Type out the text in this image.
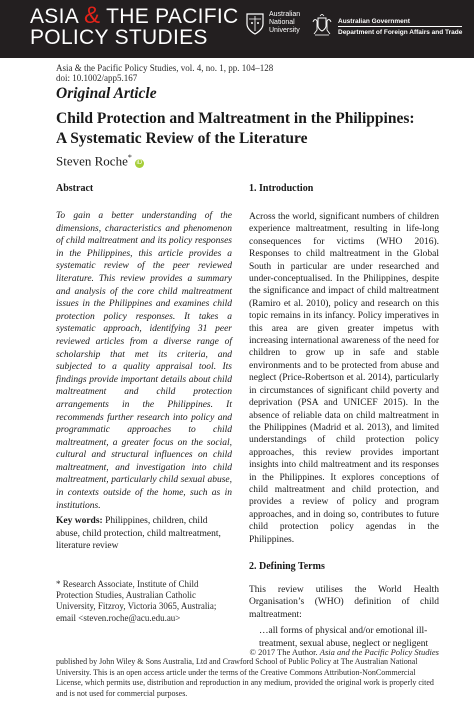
ASIA & THE PACIFIC
POLICY STUDIES
Australian
National
University
Australian Government
Department of Foreign Affairs and Trade
Asia & the Pacific Policy Studies, vol. 4, no. 1, pp. 104–128
doi: 10.1002/app5.167
Original Article
Child Protection and Maltreatment in the Philippines:
A Systematic Review of the Literature
Steven Roche*iD

Abstract

To gain a better understanding of the dimensions, characteristics and phenomenon of child maltreatment and its policy responses in the Philippines, this article provides a systematic review of the peer reviewed literature. This review provides a summary and analysis of the core child maltreatment issues in the Philippines and examines child protection policy responses. It takes a systematic approach, identifying 31 peer reviewed articles from a diverse range of scholarship that met its criteria, and subjected to a quality appraisal tool. Its findings provide important details about child maltreatment and child protection arrangements in the Philippines. It recommends further research into policy and programmatic approaches to child maltreatment, a greater focus on the social, cultural and structural influences on child maltreatment, and investigation into child maltreatment, particularly child sexual abuse, in contexts outside of the home, such as in institutions.

Key words: Philippines, children, child abuse, child protection, child maltreatment, literature review

1. Introduction

Across the world, significant numbers of children experience maltreatment, resulting in life-long consequences for victims (WHO 2016). Responses to child maltreatment in the Global South in particular are under researched and under-conceptualised. In the Philippines, despite the significance and impact of child maltreatment (Ramiro et al. 2010), policy and research on this topic remains in its infancy. Policy imperatives in this area are given greater impetus with increasing international awareness of the need for children to grow up in safe and stable environments and to be protected from abuse and neglect (Price-Robertson et al. 2014), particularly in circumstances of significant child poverty and deprivation (PSA and UNICEF 2015). In the absence of reliable data on child maltreatment in the Philippines (Madrid et al. 2013), and limited understandings of child protection policy approaches, this review provides important insights into child maltreatment and its responses in the Philippines. It explores conceptions of child maltreatment and child protection, and provides a review of policy and program approaches, and in doing so, contributes to future child protection policy agendas in the Philippines.

2. Defining Terms

This review utilises the World Health Organisation’s (WHO) definition of child maltreatment:

…all forms of physical and/or emotional ill-treatment, sexual abuse, neglect or negligent

* Research Associate, Institute of Child Protection Studies, Australian Catholic University, Fitzroy, Victoria 3065, Australia; email <steven.roche@acu.edu.au>
© 2017 The Author. Asia and the Pacific Policy Studies
published by John Wiley & Sons Australia, Ltd and Crawford School of Public Policy at The Australian National University. This is an open access article under the terms of the Creative Commons Attribution-NonCommercial License, which permits use, distribution and reproduction in any medium, provided the original work is properly cited and is not used for commercial purposes.
